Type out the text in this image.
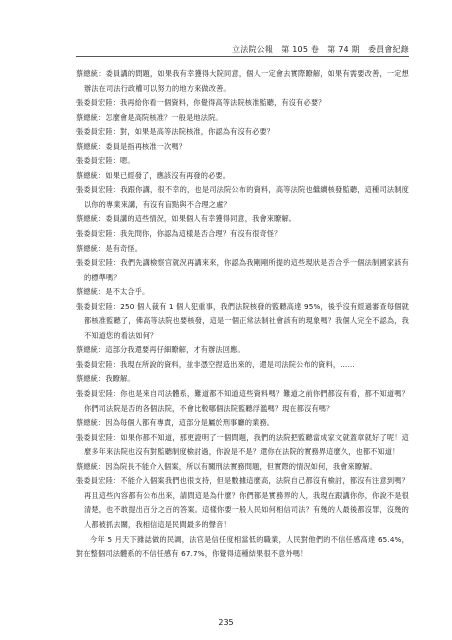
立法院公報 第 105 卷 第 74 期 委員會紀錄

蔡總統：委員講的問題，如果我有幸獲得大院同意，個人一定會去實際瞭解，如果有需要改善，一定想辦法在司法行政權可以努力的地方來做改善。

張委員宏陸：我再給你看一個資料，你覺得高等法院核准監聽，有沒有必要？

蔡總統：怎麼會是高院核准？一般是地法院。

張委員宏陸：對，如果是高等法院核准，你認為有沒有必要？

蔡總統：委員是指再核准一次嗎？

張委員宏陸：嗯。

蔡總統：如果已經發了，應該沒有再發的必要。

張委員宏陸：我跟你講，很不幸的，也是司法院公布的資料，高等法院也繼續核發監聽，這種司法制度以你的專業來講，有沒有盲點與不合理之處？

蔡總統：委員講的這些情況，如果個人有幸獲得同意，我會來瞭解。

張委員宏陸：我先問你，你認為這樣是否合理？有沒有很奇怪？

蔡總統：是有奇怪。

張委員宏陸：我們先講檢察官就況再講來來，你認為我剛剛所提的這些現狀是否合乎一個法制國家該有的標準嗎？

蔡總統：是不太合乎。

張委員宏陸：250 個人裁有 1 個人犯重事，我們法院核發的監聽高達 95%，後乎沒有經過審查每個就都核准監聽了，佛高等法院也要核發，這是一個正常法制社會該有的現象嗎？我個人完全不認為，我不知道您的看法如何？

蔡總統：這部分我還要再仔細瞭解，才有辦法回應。

張委員宏陸：我現在所說的資料，並非憑空捏造出來的，還是司法院公布的資料，……

蔡總統：我瞭解。

張委員宏陸：你也是來自司法體系，難道都不知道這些資料嗎？難道之前你們都沒有看，都不知道嗎？你們司法院是否的各個法院，不會比較哪個法院監聽浮濫嗎？現在都沒有嗎？

蔡總統：因為每個人都有專責，這部分是屬於刑事廳的業務。

張委員宏陸：如果你都不知道，那更證明了一個問題，我們的法院把監聽當成家文就蓋章就好了呢！這麼多年來法院也沒有對監聽制度檢討過，你說是不是？還你在法院的實務界這麼久，也都不知道！

蔡總統：因為院長不能介入個案，所以有關刑法實務問題，但實際的情況如何，我會來瞭解。

張委員宏陸：不能介入個案我們也很支持，但是數據這麼高，法院自己都沒有檢討，都沒有注意到嗎？再且這些內容都有公布出來，請問這是為什麼？你們都是實務界的人，我現在跟講你你，你說不是很清楚，也不敢提出百分之百的答案。這樣你要一般人民如何相信司法？有幾的人最後都沒罪，沒幾的人都被抓去關，我相信這是民間最多的聲音！

今年 5 月天下雜誌做的民調，法官是信任度相當低的職業，人民對他們的不信任感高達 65.4%，對在整個司法體系的不信任感有 67.7%，你覺得這種結果很不意外嗎！

235
